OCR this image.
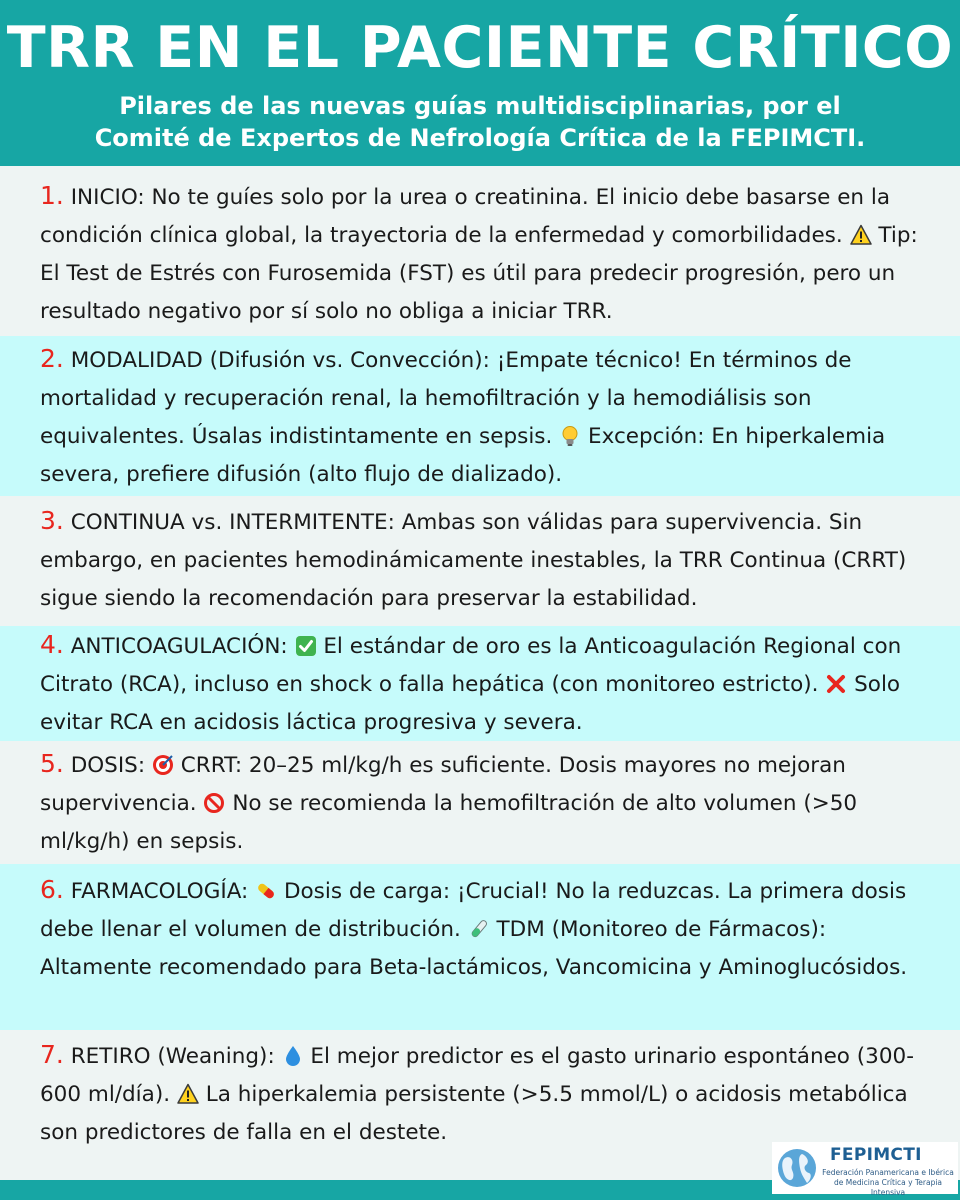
TRR EN EL PACIENTE CRÍTICO
Pilares de las nuevas guías multidisciplinarias, por el
Comité de Expertos de Nefrología Crítica de la FEPIMCTI.
1. INICIO: No te guíes solo por la urea o creatinina. El inicio debe basarse en la condición clínica global, la trayectoria de la enfermedad y comorbilidades. Tip: El Test de Estrés con Furosemida (FST) es útil para predecir progresión, pero un resultado negativo por sí solo no obliga a iniciar TRR.
2. MODALIDAD (Difusión vs. Convección): ¡Empate técnico! En términos de mortalidad y recuperación renal, la hemofiltración y la hemodiálisis son equivalentes. Úsalas indistintamente en sepsis. Excepción: En hiperkalemia severa, prefiere difusión (alto flujo de dializado).
3. CONTINUA vs. INTERMITENTE: Ambas son válidas para supervivencia. Sin embargo, en pacientes hemodinámicamente inestables, la TRR Continua (CRRT) sigue siendo la recomendación para preservar la estabilidad.
4. ANTICOAGULACIÓN: El estándar de oro es la Anticoagulación Regional con Citrato (RCA), incluso en shock o falla hepática (con monitoreo estricto). Solo evitar RCA en acidosis láctica progresiva y severa.
5. DOSIS: CRRT: 20–25 ml/kg/h es suficiente. Dosis mayores no mejoran supervivencia. No se recomienda la hemofiltración de alto volumen (>50 ml/kg/h) en sepsis.
6. FARMACOLOGÍA: Dosis de carga: ¡Crucial! No la reduzcas. La primera dosis debe llenar el volumen de distribución. TDM (Monitoreo de Fármacos): Altamente recomendado para Beta-lactámicos, Vancomicina y Aminoglucósidos.
7. RETIRO (Weaning): El mejor predictor es el gasto urinario espontáneo (300-600 ml/día). La hiperkalemia persistente (>5.5 mmol/L) o acidosis metabólica son predictores de falla en el destete.
FEPIMCTI
Federación Panamericana e Ibérica de Medicina Crítica y Terapia Intensiva
